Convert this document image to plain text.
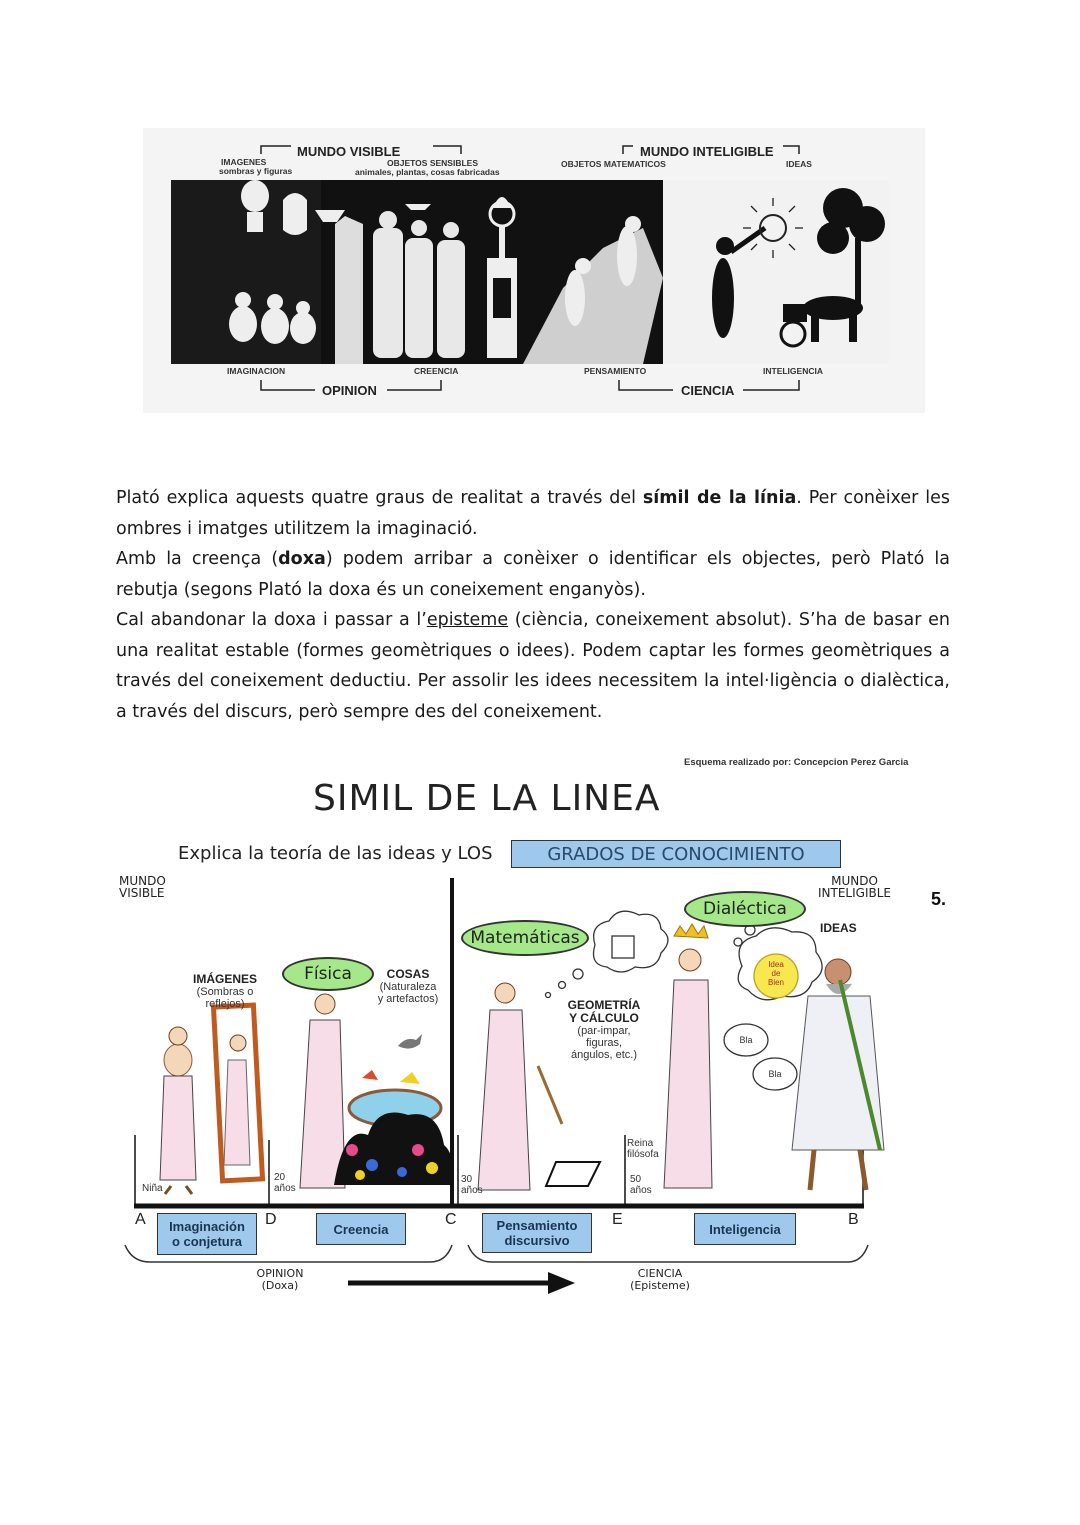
MUNDO VISIBLE	MUNDO INTELIGIBLE
IMAGENES
sombras y figuras
OBJETOS SENSIBLES
animales, plantas, cosas fabricadas
OBJETOS MATEMATICOS	IDEAS
IMAGINACION	CREENCIA	PENSAMIENTO	INTELIGENCIA
OPINION	CIENCIA

Plató explica aquests quatre graus de realitat a través del símil de la línia. Per conèixer les ombres i imatges utilitzem la imaginació.

Amb la creença (doxa) podem arribar a conèixer o identificar els objectes, però Plató la rebutja (segons Plató la doxa és un coneixement enganyòs).

Cal abandonar la doxa i passar a l’episteme (ciència, coneixement absolut). S’ha de basar en una realitat estable (formes geomètriques o idees). Podem captar les formes geomètriques a través del coneixement deductiu. Per assolir les idees necessitem la intel·ligència o dialèctica, a través del discurs, però sempre des del coneixement.

Esquema realizado por: Concepcion Perez Garcia
SIMIL DE LA LINEA
Explica la teoría de las ideas y LOS	GRADOS DE CONOCIMIENTO
MUNDO
VISIBLE
MUNDO
INTELIGIBLE 5.
Física
Matemáticas
Dialéctica
IDEAS
Idea
de
Bien
Bla
Bla
IMÁGENES
(Sombras o
reflejos)
COSAS
(Naturaleza
y artefactos)	GEOMETRÍA
Y CÁLCULO
(par-impar,
figuras,
ángulos, etc.)
Niña
20
años
30
años
Reina
filósofa
50
años
A	D	C	E	B
Imaginación
o conjetura
Creencia	Pensamiento
discursivo
Inteligencia
OPINION
(Doxa)
CIENCIA
(Episteme)
